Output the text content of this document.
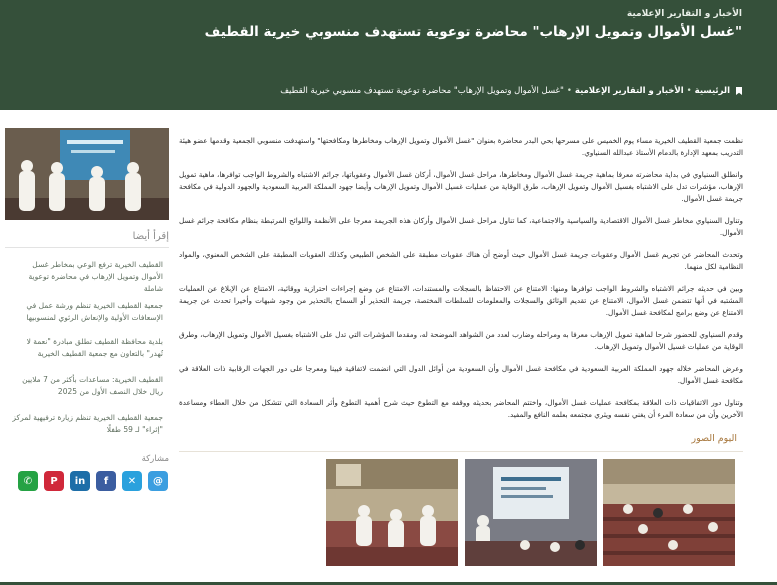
الأخبار و التقارير الإعلامية
"غسل الأموال وتمويل الإرهاب" محاضرة توعوية تستهدف منسوبي خيرية القطيف
الرئيسية
•
الأخبار و التقارير الإعلامية
•
"غسل الأموال وتمويل الإرهاب" محاضرة توعوية تستهدف منسوبي خيرية القطيف

نظمت جمعية القطيف الخيرية مساء يوم الخميس على مسرحها بحي البدر محاضرة بعنوان "غسل الأموال وتمويل الإرهاب ومخاطرها ومكافحتها" واستهدفت منسوبي الجمعية وقدمها عضو هيئة التدريب بمعهد الإدارة بالدمام الأستاذ عبدالله السنياوي.

وانطلق السنياوي في بداية محاضرته معرفا بماهية جريمة غسل الأموال ومخاطرها، مراحل غسل الأموال، أركان غسل الأموال وعقوباتها، جرائم الاشتباه والشروط الواجب توافرها، ماهية تمويل الإرهاب، مؤشرات تدل على الاشتباه بغسيل الأموال وتمويل الإرهاب، طرق الوقاية من عمليات غسيل الأموال وتمويل الإرهاب وأيضا جهود المملكة العربية السعودية والجهود الدولية في مكافحة جريمة غسل الأموال.

وتناول السنياوي مخاطر غسل الأموال الاقتصادية والسياسية والاجتماعية، كما تناول مراحل غسل الأموال وأركان هذه الجريمة معرجا على الأنظمة واللوائح المرتبطة بنظام مكافحة جرائم غسل الأموال.

وتحدث المحاضر عن تجريم غسل الأموال وعقوبات جريمة غسل الأموال حيث أوضح أن هناك عقوبات مطبقة على الشخص الطبيعي وكذلك العقوبات المطبقة على الشخص المعنوي، والمواد النظامية لكل منهما.

وبين في حديثه جرائم الاشتباه والشروط الواجب توافرها ومنها: الامتناع عن الاحتفاظ بالسجلات والمستندات، الامتناع عن وضع إجراءات احترازية ووقائية، الامتناع عن الإبلاغ عن العمليات المشتبه في أنها تتضمن غسل الأموال، الامتناع عن تقديم الوثائق والسجلات والمعلومات للسلطات المختصة، جريمة التحذير أو السماح بالتحذير من وجود شبهات وأخيرا تحدث عن جريمة الامتناع عن وضع برامج لمكافحة غسل الأموال.

وقدم السنياوي للحضور شرحا لماهية تمويل الإرهاب معرفا به ومراحله وضارب لعدد من الشواهد الموضحة له، ومقدما المؤشرات التي تدل على الاشتباه بغسيل الأموال وتمويل الإرهاب، وطرق الوقاية من عمليات غسيل الأموال وتمويل الإرهاب.

وعرض المحاضر خلاله جهود المملكة العربية السعودية في مكافحة غسل الأموال وأن السعودية من أوائل الدول التي انضمت لاتفاقية فيينا ومعرجا على دور الجهات الرقابية ذات العلاقة في مكافحة غسل الأموال.

وتناول دور الاتفاقيات ذات العلاقة بمكافحة عمليات غسل الأموال، واختتم المحاضر بحديثه ووقفه مع التطوع حيث شرح أهمية التطوع وأثر السعادة التي تتشكل من خلال العطاء ومساعدة الآخرين وأن من سعادة المرء أن يغني نفسه ويثري مجتمعه بعلمه النافع والمفيد.

اليوم الصور
إقرأ أيضا
القطيف الخيرية ترفع الوعي بمخاطر غسل الأموال وتمويل الإرهاب في محاضرة توعوية شاملة
جمعية القطيف الخيرية تنظم ورشة عمل في الإسعافات الأولية والإنعاش الرئوي لمنسوبيها
بلدية محافظة القطيف تطلق مبادرة "نعمة لا تُهدر" بالتعاون مع جمعية القطيف الخيرية
القطيف الخيرية: مساعدات بأكثر من 7 ملايين ريال خلال النصف الأول من 2025
جمعية القطيف الخيرية تنظم زيارة ترفيهية لمركز "إثراء" لـ 59 طفلًا
مشاركة
✆ P in f ✕ @
